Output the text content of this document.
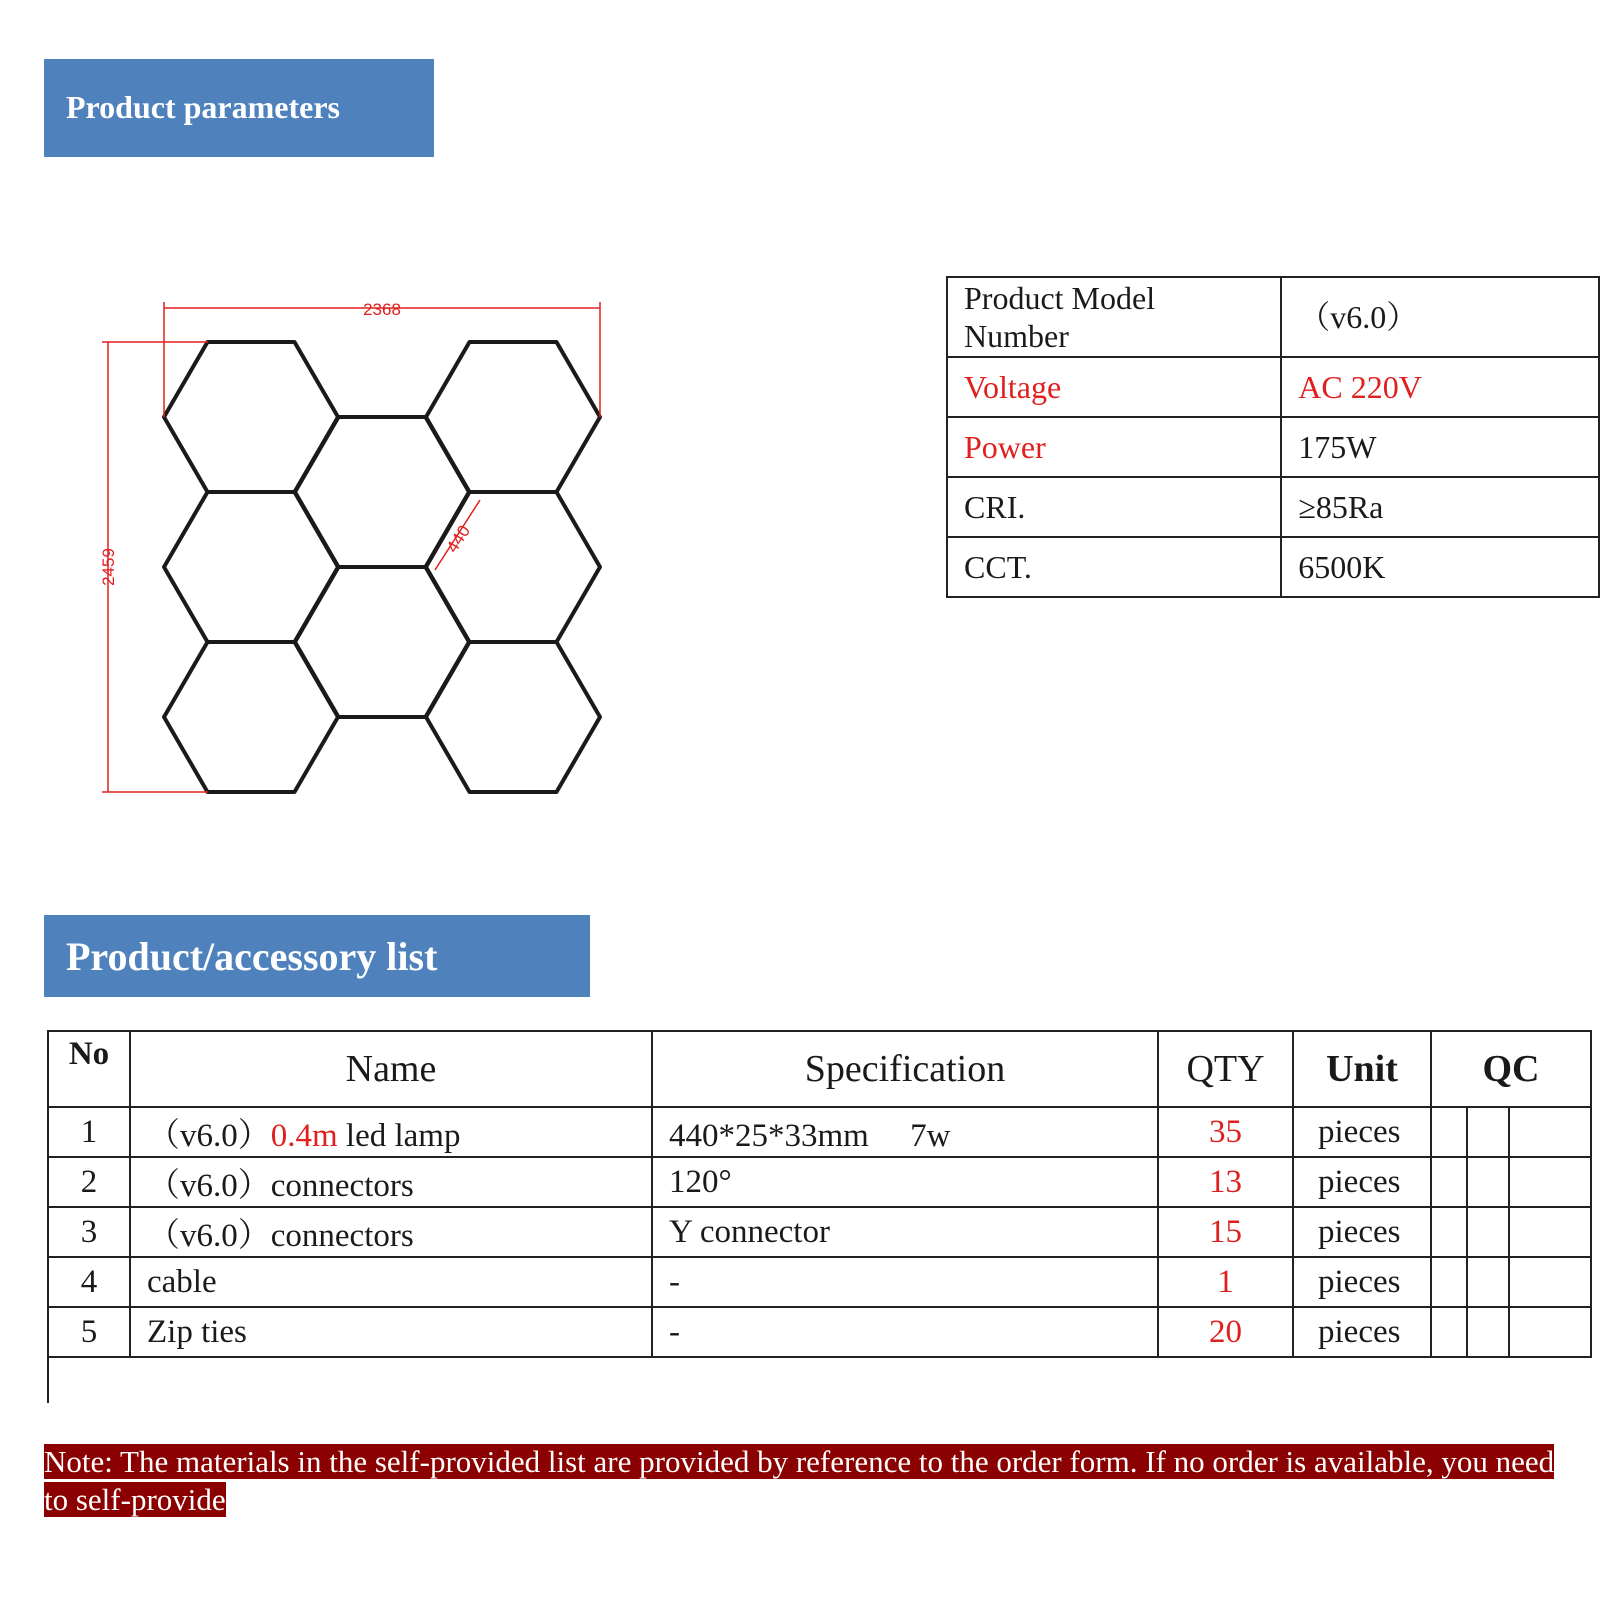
Product parameters
2368
2459
440
Product Model Number	（v6.0）
Voltage	AC 220V
Power	175W
CRI.	≥85Ra
CCT.	6500K
Product/accessory list
No	Name	Specification	QTY	Unit	QC
1	（v6.0）0.4m led lamp	440*25*33mm　 7w	35	pieces	

2	（v6.0）connectors	120°	13	pieces	

3	（v6.0）connectors	Y connector	15	pieces	

4	cable	-	1	pieces	

5	Zip ties	-	20	pieces	
Note: The materials in the self-provided list are provided by reference to the order form. If no order is available, you need to self-provide
